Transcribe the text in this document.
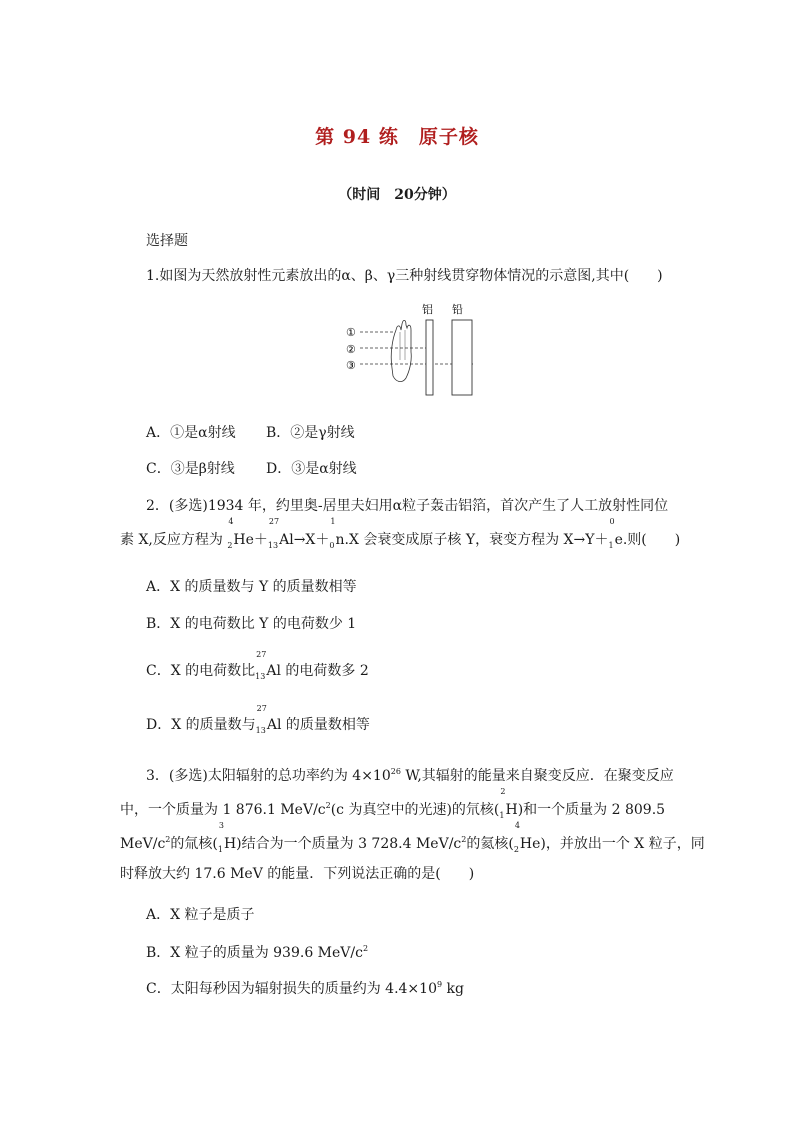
第 94 练　原子核
（时间　20分钟）
选择题
1.如图为天然放射性元素放出的α、β、γ三种射线贯穿物体情况的示意图,其中(　　)
铝 铅
①
②
③
A．①是α射线 B．②是γ射线
C．③是β射线 D．③是α射线
2．(多选)1934 年，约里奥-居里夫妇用α粒子轰击铝箔，首次产生了人工放射性同位
素 X,反应方程为
4
$_2$He＋
27
$_{13}$Al→X＋
1
$_0$n.X 会衰变成原子核 Y，衰变方程为 X→Y＋
0
$_1$e.则(　　)
A．X 的质量数与 Y 的质量数相等
B．X 的电荷数比 Y 的电荷数少 1
C．X 的电荷数比
27
$_{13}$Al 的电荷数多 2
D．X 的质量数与
27
$_{13}$Al 的质量数相等
3．(多选)太阳辐射的总功率约为 $4\times 10^{26}$ W,其辐射的能量来自聚变反应．在聚变反应
中，一个质量为 1 876.1 MeV/$c^2(c$ 为真空中的光速)的氘核(
2
$_1$H)和一个质量为 2 809.5
MeV/$c^2$的氚核(
3
$_1$H)结合为一个质量为 3 728.4 MeV/$c^2$的氦核(
4
$_2$He)，并放出一个 X 粒子，同
时释放大约 17.6 MeV 的能量．下列说法正确的是(　　)
A．X 粒子是质子
B．X 粒子的质量为 939.6 MeV/$c^2$
C．太阳每秒因为辐射损失的质量约为 $4.4\times 10^9$ kg
